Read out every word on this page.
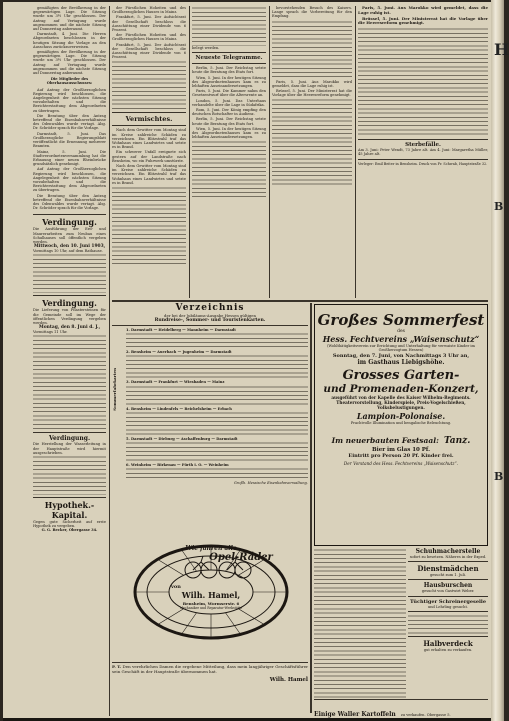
gemäßigten der Bevölkerung in der gegenwärtigen Lage. Die Sitzung wurde um 3½ Uhr geschlossen. Der Antrag auf Vertagung wurde angenommen und die nächste Sitzung auf Donnerstag anberaumt.

Darmstadt, 4. Juni. Die Herren Abgeordneten beschlossen in der heutigen Sitzung die Vorlage an den Ausschuss zurückzuverweisen.

gemäßigten der Bevölkerung in der gegenwärtigen Lage. Die Sitzung wurde um 3½ Uhr geschlossen. Der Antrag auf Vertagung wurde angenommen und die nächste Sitzung auf Donnerstag anberaumt.

Die Mitglieder des Oberhausausschusses:

Auf Antrag der Großherzoglichen Regierung wird beschlossen, die Angelegenheit der nächsten Sitzung vorzubehalten und die Berichterstattung dem Abgeordneten zu übertragen.

Die Beratung über den Antrag betreffend die Eisenbahnverhältnisse des Odenwaldes wurde vertagt. Abg. Dr. Schröder sprach für die Vorlage.

Darmstadt, 5. Juni. Das Großherzogliche Regierungsblatt veröffentlicht die Ernennung mehrerer Beamten.

Mainz, 5. Juni. Die Stadtverordnetenversammlung hat die Erbauung einer neuen Rheinbrücke grundsätzlich genehmigt.

Auf Antrag der Großherzoglichen Regierung wird beschlossen, die Angelegenheit der nächsten Sitzung vorzubehalten und die Berichterstattung dem Abgeordneten zu übertragen.

Die Beratung über den Antrag betreffend die Eisenbahnverhältnisse des Odenwaldes wurde vertagt. Abg. Dr. Schröder sprach für die Vorlage.

Verdingung.
Die Ausführung der Erd- und Maurerarbeiten zum Neubau eines Schulhauses soll öffentlich vergeben werden.
Mittwoch, den 10. Juni 1903,
Vormittags 10 Uhr, auf dem Rathause.
Verdingung.
Die Lieferung von Pflastersteinen für die Gemeinde soll im Wege der öffentlichen Verdingung vergeben werden.
Montag, den 8. Juni d. J.,
Vormittags 11 Uhr.
Verdingung.
Die Herstellung der Wasserleitung in der Hauptstraße wird hiermit ausgeschrieben.
Hypothek.-Kapital.
Gegen gute Sicherheit auf erste Hypothek zu vergeben.
G. G. Becker, Obergasse 34.

der Fürstlichen Hoheiten und des Großherzoglichen Hauses in Mainz.

Frankfurt, 5. Juni. Der Aufsichtsrat der Gesellschaft beschloss die Ausschüttung einer Dividende von 6 Prozent.

der Fürstlichen Hoheiten und des Großherzoglichen Hauses in Mainz.

Frankfurt, 5. Juni. Der Aufsichtsrat der Gesellschaft beschloss die Ausschüttung einer Dividende von 6 Prozent.

Vermischtes.

Nach dem Gewitter vom Montag sind im Kreise zahlreiche Schäden zu verzeichnen. Ein Blitzstrahl traf das Wohnhaus eines Landwirtes und setzte es in Brand.

Ein schwerer Unfall ereignete sich gestern auf der Landstraße nach Bensheim, wo ein Fuhrwerk umstürzte.

Nach dem Gewitter vom Montag sind im Kreise zahlreiche Schäden zu verzeichnen. Ein Blitzstrahl traf das Wohnhaus eines Landwirtes und setzte es in Brand.

belegt werden.
Neueste Telegramme.

Berlin, 5. Juni. Der Reichstag setzte heute die Beratung des Etats fort.

Wien, 5. Juni. In der heutigen Sitzung des Abgeordnetenhauses kam es zu lebhaften Auseinandersetzungen.

Paris, 5. Juni. Die Kammer nahm den Gesetzentwurf über die Altersrente an.

London, 5. Juni. Das Unterhaus verhandelte über die Lage in Südafrika.

Rom, 5. Juni. Der König empfing den deutschen Botschafter in Audienz.

Berlin, 5. Juni. Der Reichstag setzte heute die Beratung des Etats fort.

Wien, 5. Juni. In der heutigen Sitzung des Abgeordnetenhauses kam es zu lebhaften Auseinandersetzungen.

bevorstehenden Besuch des Kaisers. Lange sprach die Vorbereitung für den Empfang.

Paris, 5. Juni. Aus Marokko wird gemeldet, dass die Lage ruhig ist.

Brüssel, 5. Juni. Der Ministerrat hat die Vorlage über die Heeresreform genehmigt.

Paris, 5. Juni. Aus Marokko wird gemeldet, dass die Lage ruhig ist.

Brüssel, 5. Juni. Der Ministerrat hat die Vorlage über die Heeresreform genehmigt.

Sterbefälle.
Am 3. Juni: Peter Wendt, 73 Jahre alt. Am 4. Juni: Margaretha Müller, 45 Jahre alt.
Verleger: Emil Beiter in Bensheim. Druck von Fr. Schwab, Hauptstraße 32.
Verzeichnis
der bei der Jubiläums-Ausgabe Hessen gültigen
Rundreise-, Sommer- und Touristenkarten.
Sommerfahrkarten
1. Darmstadt — Heidelberg — Mannheim — Darmstadt
2. Bensheim — Auerbach — Jugenheim — Darmstadt
3. Darmstadt — Frankfurt — Wiesbaden — Mainz
4. Bensheim — Lindenfels — Reichelsheim — Erbach
5. Darmstadt — Dieburg — Aschaffenburg — Darmstadt
6. Weinheim — Birkenau — Fürth i. O. — Weinheim
Großh. Hessische Eisenbahnverwaltung.
Wie fahren alle
Opel-Räder
von
Wilh. Hamel,
Bensheim, Wormserstr. 6
Mechaniker und Reparatur-Werkstätte
P. T. Den verehrlichen Damen die ergebene Mitteilung, dass mein langjähriger Geschäftsführer sein Geschäft in der Hauptstraße übernommen hat.
Wilh. Hamel
Großes Sommerfest
des
Hess. Fechtvereins „Waisenschutz“
(Wohlthätigkeitsverein zur Errichtung und Unterhaltung für verwaiste Kinder im Großherzogtum Hessen)
Sonntag, den 7. Juni, von Nachmittags 3 Uhr an,
im Gasthaus Liebigshöhe.
Grosses Garten-
und Promenaden-Konzert,
ausgeführt von der Kapelle des Kaiser Wilhelm-Regiments. Theatervorstellung, Kinderspiele, Preis-Vogelschießen, Volksbelustigungen.
Lampion-Polonaise.
Prachtvolle Illumination und bengalische Beleuchtung.
Im neuerbauten Festsaal: Tanz.
Bier im Glas 10 Pf.
Eintritt pro Person 20 Pf. Kinder frei.
Der Vorstand des Hess. Fechtvereins „Waisenschutz“.
Schuhmacherstelle
sofort zu besetzen. Näheres in der Exped.
Dienstmädchen
gesucht zum 1. Juli.
Hausburschen
gesucht von Gastwirt Weber.
Tüchtiger Schreinergeselle
und Lehrling gesucht.
Halbverdeck
gut erhalten zu verkaufen.
Einige Waller Kartoffeln zu verkaufen. Obergasse 5.
H
B
B
